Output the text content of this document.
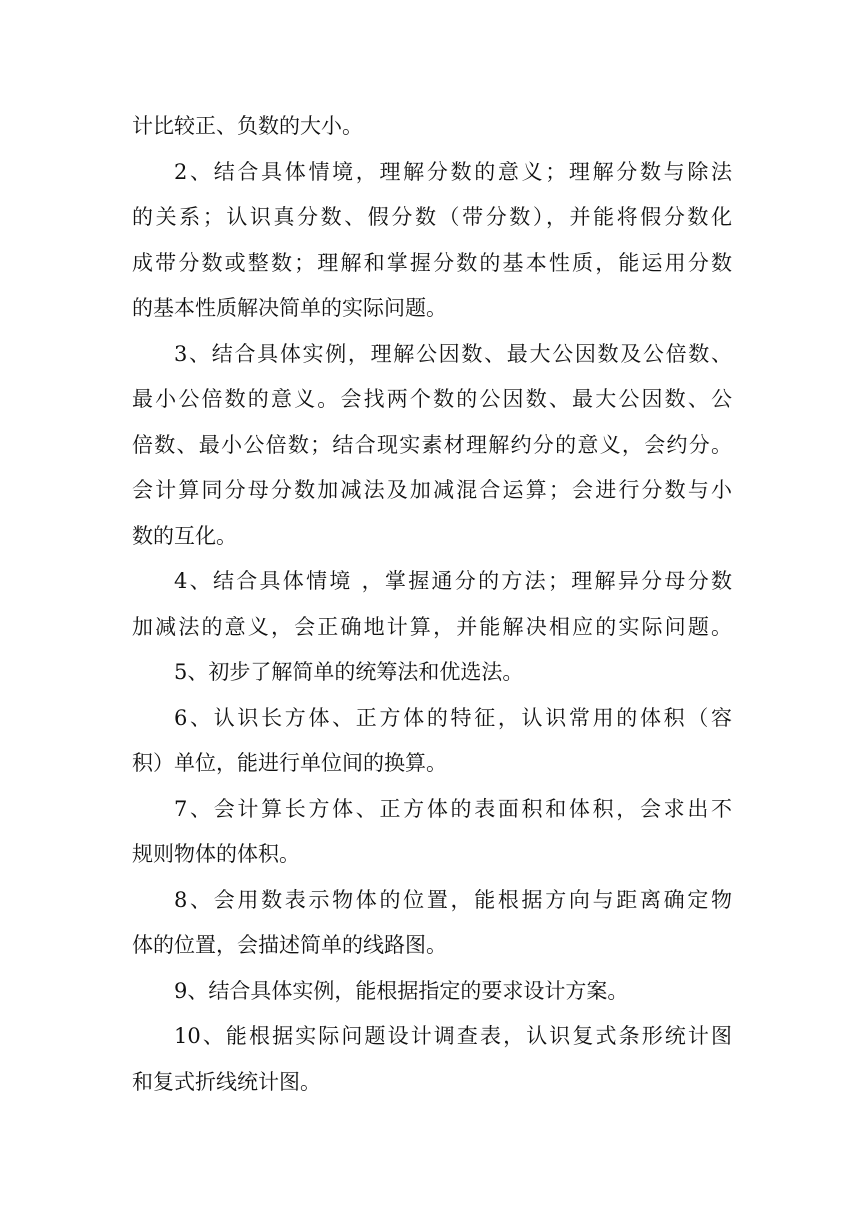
计比较正、负数的大小。
2、结合具体情境，理解分数的意义；理解分数与除法
的关系；认识真分数、假分数（带分数），并能将假分数化
成带分数或整数；理解和掌握分数的基本性质，能运用分数
的基本性质解决简单的实际问题。
3、结合具体实例，理解公因数、最大公因数及公倍数、
最小公倍数的意义。会找两个数的公因数、最大公因数、公
倍数、最小公倍数；结合现实素材理解约分的意义，会约分。
会计算同分母分数加减法及加减混合运算；会进行分数与小
数的互化。
4、结合具体情境 ，掌握通分的方法；理解异分母分数
加减法的意义，会正确地计算，并能解决相应的实际问题。
5、初步了解简单的统筹法和优选法。
6、认识长方体、正方体的特征，认识常用的体积（容
积）单位，能进行单位间的换算。
7、会计算长方体、正方体的表面积和体积，会求出不
规则物体的体积。
8、会用数表示物体的位置，能根据方向与距离确定物
体的位置，会描述简单的线路图。
9、结合具体实例，能根据指定的要求设计方案。
10、能根据实际问题设计调查表，认识复式条形统计图
和复式折线统计图。
